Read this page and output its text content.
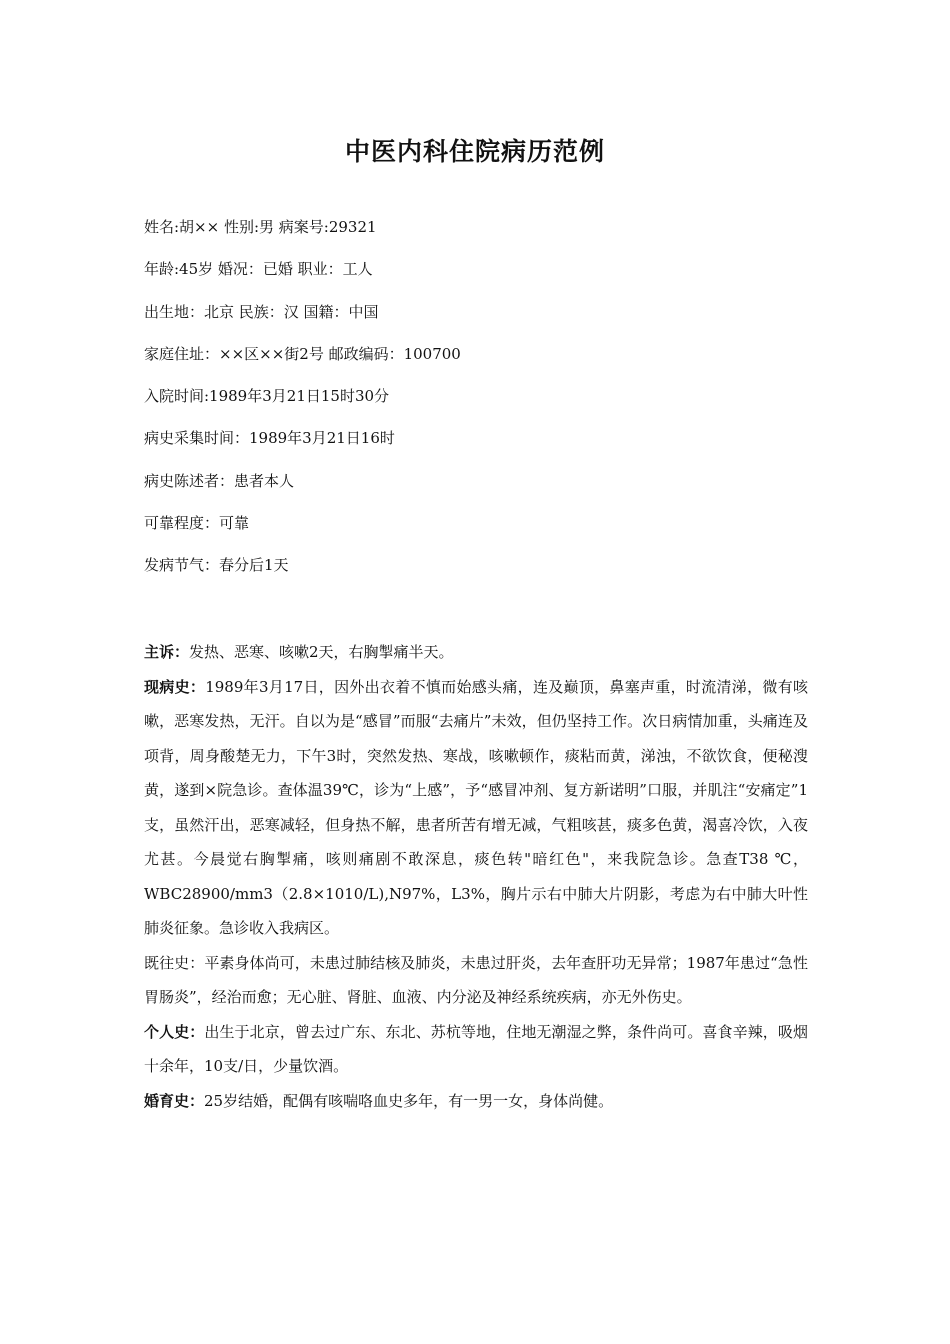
中医内科住院病历范例
姓名:胡×× 性别:男 病案号:29321
年龄:45岁 婚况：已婚 职业：工人
出生地：北京 民族：汉 国籍：中国
家庭住址：××区××街2号 邮政编码：100700
入院时间:1989年3月21日15时30分
病史采集时间：1989年3月21日16时
病史陈述者：患者本人
可靠程度：可靠
发病节气：春分后1天

主诉：发热、恶寒、咳嗽2天，右胸掣痛半天。

现病史：1989年3月17日，因外出衣着不慎而始感头痛，连及巅顶，鼻塞声重，时流清涕，微有咳嗽，恶寒发热，无汗。自以为是“感冒”而服“去痛片”未效，但仍坚持工作。次日病情加重，头痛连及项背，周身酸楚无力，下午3时，突然发热、寒战，咳嗽顿作，痰粘而黄，涕浊，不欲饮食，便秘溲黄，遂到×院急诊。查体温39℃，诊为“上感”，予“感冒冲剂、复方新诺明”口服，并肌注“安痛定”1支，虽然汗出，恶寒减轻，但身热不解，患者所苦有增无减，气粗咳甚，痰多色黄，渴喜冷饮，入夜尤甚。今晨觉右胸掣痛，咳则痛剧不敢深息，痰色转"暗红色"，来我院急诊。急查T38 ℃， WBC28900/mm3（2.8×1010/L),N97%，L3%，胸片示右中肺大片阴影，考虑为右中肺大叶性肺炎征象。急诊收入我病区。

既往史：平素身体尚可，未患过肺结核及肺炎，未患过肝炎，去年查肝功无异常；1987年患过“急性胃肠炎”，经治而愈；无心脏、肾脏、血液、内分泌及神经系统疾病，亦无外伤史。

个人史：出生于北京，曾去过广东、东北、苏杭等地，住地无潮湿之弊，条件尚可。喜食辛辣，吸烟十余年，10支/日，少量饮酒。

婚育史：25岁结婚，配偶有咳喘咯血史多年，有一男一女，身体尚健。
